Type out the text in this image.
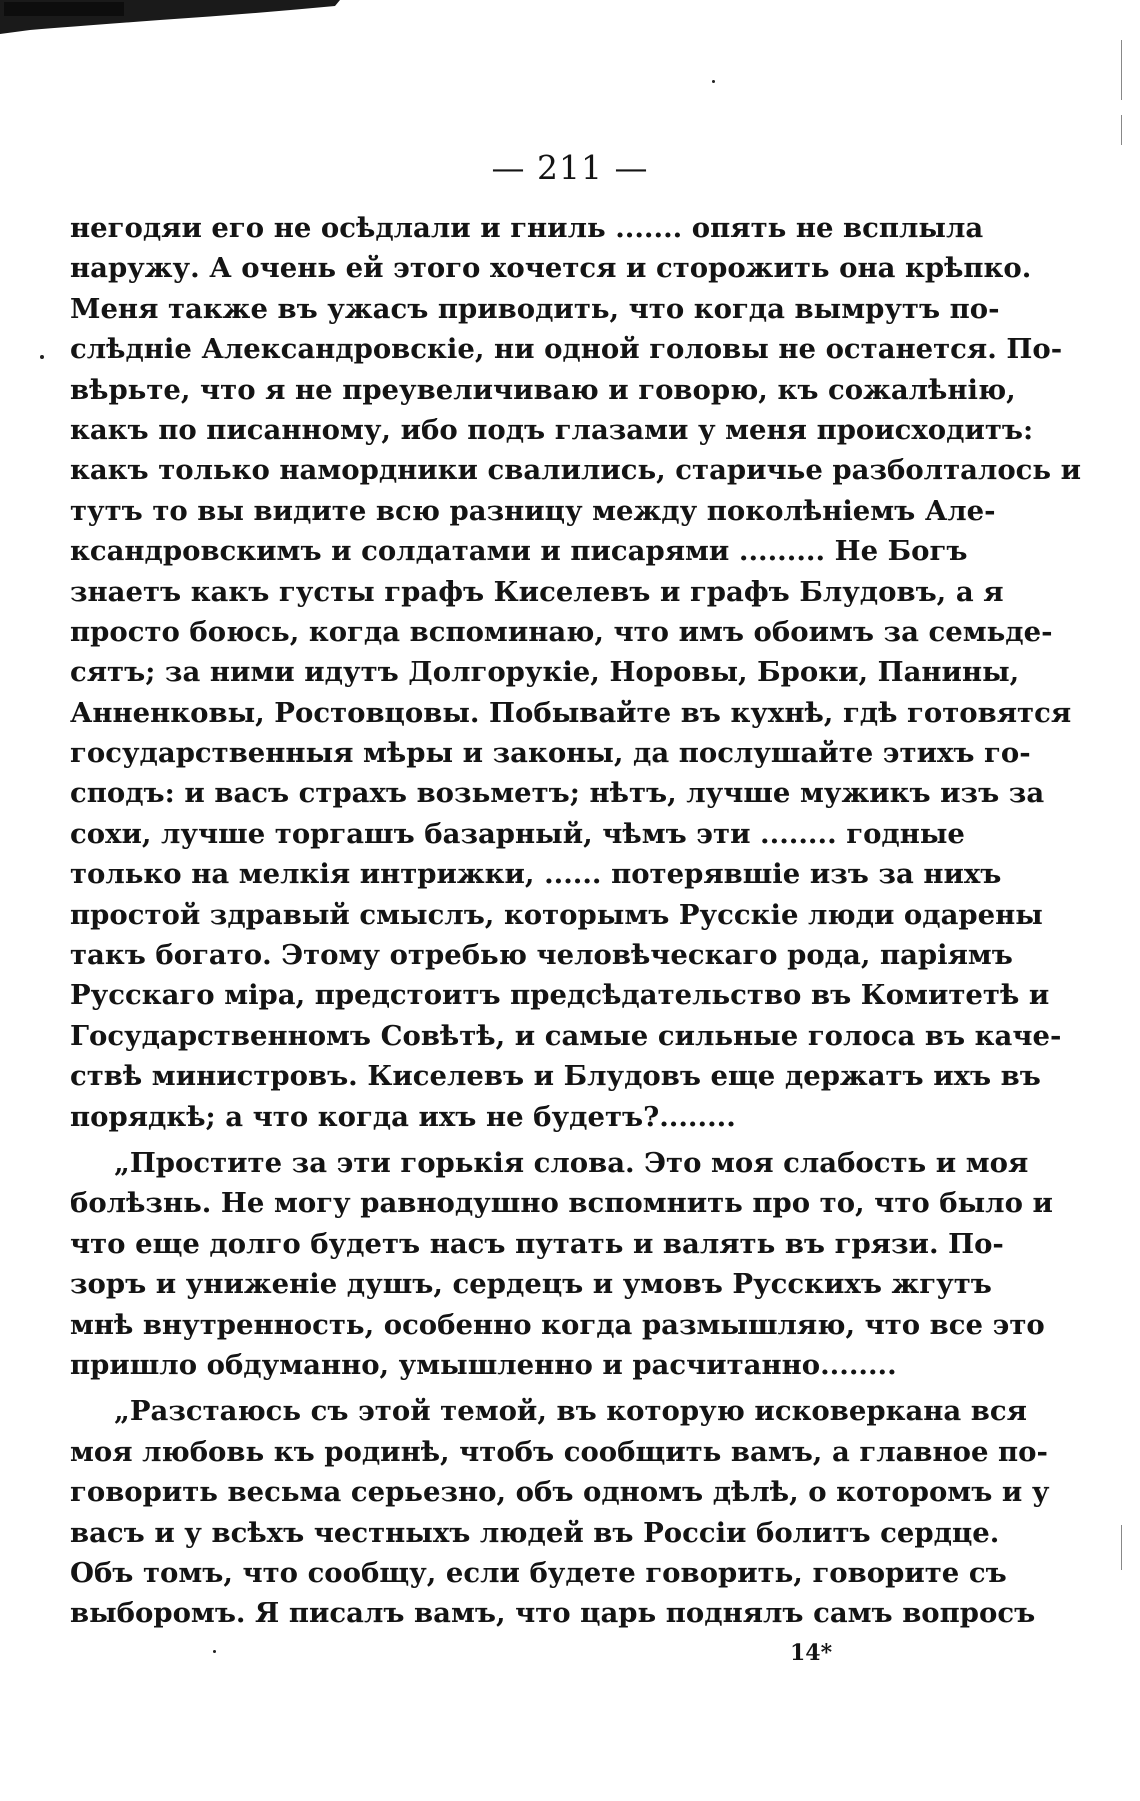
— 211 —
негодяи его не осѣдлали и гниль ....... опять не всплыла
наружу. А очень ей этого хочется и сторожить она крѣпко.
Меня также въ ужасъ приводить, что когда вымрутъ по-
слѣдніе Александровскіе, ни одной головы не останется. По-
вѣрьте, что я не преувеличиваю и говорю, къ сожалѣнію,
какъ по писанному, ибо подъ глазами у меня происходитъ:
какъ только намордники свалились, старичье разболталось и
тутъ то вы видите всю разницу между поколѣніемъ Але-
ксандровскимъ и солдатами и писарями ......... Не Богъ
знаетъ какъ густы графъ Киселевъ и графъ Блудовъ, а я
просто боюсь, когда вспоминаю, что имъ обоимъ за семьде-
сятъ; за ними идутъ Долгорукіе, Норовы, Броки, Панины,
Анненковы, Ростовцовы. Побывайте въ кухнѣ, гдѣ готовятся
государственныя мѣры и законы, да послушайте этихъ го-
сподъ: и васъ страхъ возьметъ; нѣтъ, лучше мужикъ изъ за
сохи, лучше торгашъ базарный, чѣмъ эти ........ годные
только на мелкія интрижки, ...... потерявшіе изъ за нихъ
простой здравый смыслъ, которымъ Русскіе люди одарены
такъ богато. Этому отребью человѣческаго рода, паріямъ
Русскаго міра, предстоитъ предсѣдательство въ Комитетѣ и
Государственномъ Совѣтѣ, и самые сильные голоса въ каче-
ствѣ министровъ. Киселевъ и Блудовъ еще держатъ ихъ въ
порядкѣ; а что когда ихъ не будетъ?........
„Простите за эти горькія слова. Это моя слабость и моя
болѣзнь. Не могу равнодушно вспомнить про то, что было и
что еще долго будетъ насъ путать и валять въ грязи. По-
зоръ и униженіе душъ, сердецъ и умовъ Русскихъ жгутъ
мнѣ внутренность, особенно когда размышляю, что все это
пришло обдуманно, умышленно и расчитанно........
„Разстаюсь съ этой темой, въ которую исковеркана вся
моя любовь къ родинѣ, чтобъ сообщить вамъ, а главное по-
говорить весьма серьезно, объ одномъ дѣлѣ, о которомъ и у
васъ и у всѣхъ честныхъ людей въ Россіи болитъ сердце.
Объ томъ, что сообщу, если будете говорить, говорите съ
выборомъ. Я писалъ вамъ, что царь поднялъ самъ вопросъ
14*
